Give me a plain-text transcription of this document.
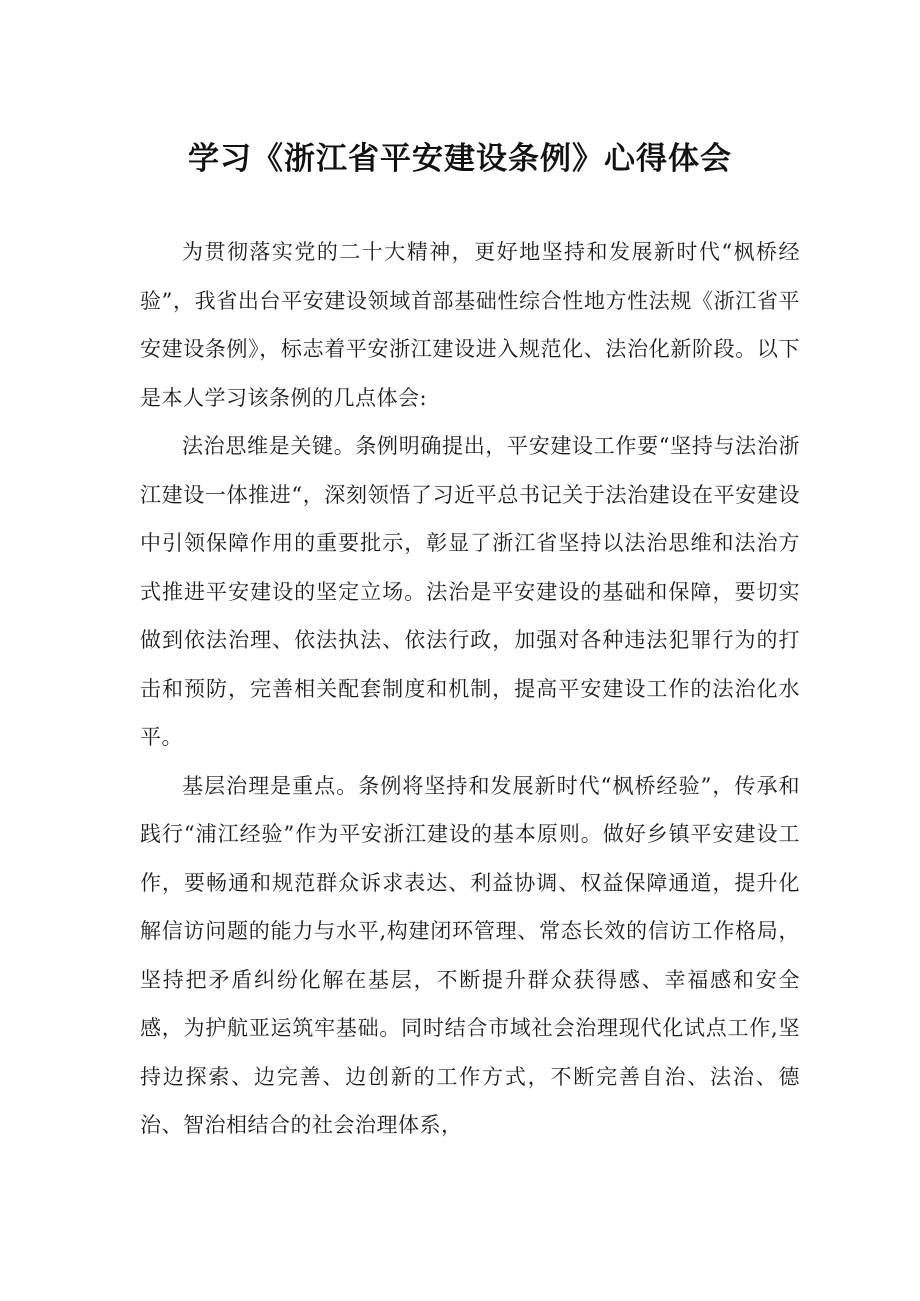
学习《浙江省平安建设条例》心得体会

为贯彻落实党的二十大精神，更好地坚持和发展新时代“枫桥经验”，我省出台平安建设领域首部基础性综合性地方性法规《浙江省平安建设条例》，标志着平安浙江建设进入规范化、法治化新阶段。以下是本人学习该条例的几点体会:

法治思维是关键。条例明确提出，平安建设工作要“坚持与法治浙江建设一体推进“，深刻领悟了习近平总书记关于法治建设在平安建设中引领保障作用的重要批示，彰显了浙江省坚持以法治思维和法治方式推进平安建设的坚定立场。法治是平安建设的基础和保障，要切实做到依法治理、依法执法、依法行政，加强对各种违法犯罪行为的打击和预防，完善相关配套制度和机制，提高平安建设工作的法治化水平。

基层治理是重点。条例将坚持和发展新时代“枫桥经验”，传承和践行“浦江经验”作为平安浙江建设的基本原则。做好乡镇平安建设工作，要畅通和规范群众诉求表达、利益协调、权益保障通道，提升化解信访问题的能力与水平,构建闭环管理、常态长效的信访工作格局，坚持把矛盾纠纷化解在基层，不断提升群众获得感、幸福感和安全感，为护航亚运筑牢基础。同时结合市域社会治理现代化试点工作,坚持边探索、边完善、边创新的工作方式，不断完善自治、法治、德治、智治相结合的社会治理体系，
